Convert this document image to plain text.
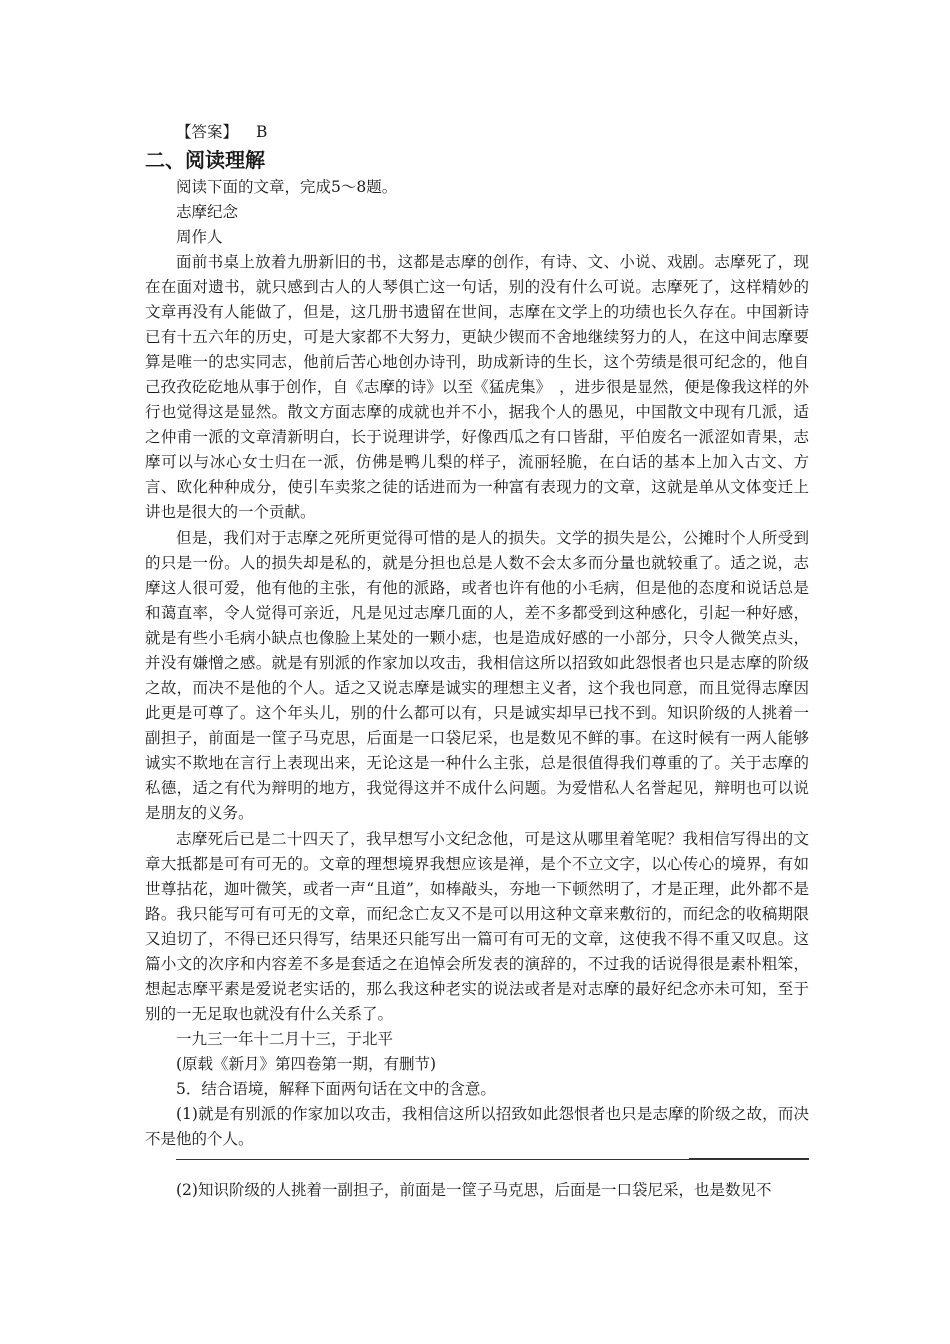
【答案】 B
二、阅读理解

阅读下面的文章，完成5～8题。

志摩纪念

周作人

面前书桌上放着九册新旧的书，这都是志摩的创作，有诗、文、小说、戏剧。志摩死了，现在在面对遗书，就只感到古人的人琴俱亡这一句话，别的没有什么可说。志摩死了，这样精妙的文章再没有人能做了，但是，这几册书遗留在世间，志摩在文学上的功绩也长久存在。中国新诗已有十五六年的历史，可是大家都不大努力，更缺少锲而不舍地继续努力的人，在这中间志摩要算是唯一的忠实同志，他前后苦心地创办诗刊，助成新诗的生长，这个劳绩是很可纪念的，他自己孜孜矻矻地从事于创作，自《志摩的诗》以至《猛虎集》　，进步很是显然，便是像我这样的外行也觉得这是显然。散文方面志摩的成就也并不小，据我个人的愚见，中国散文中现有几派，适之仲甫一派的文章清新明白，长于说理讲学，好像西瓜之有口皆甜，平伯废名一派涩如青果，志摩可以与冰心女士归在一派，仿佛是鸭儿梨的样子，流丽轻脆，在白话的基本上加入古文、方言、欧化种种成分，使引车卖浆之徒的话进而为一种富有表现力的文章，这就是单从文体变迁上讲也是很大的一个贡献。

但是，我们对于志摩之死所更觉得可惜的是人的损失。文学的损失是公，公摊时个人所受到的只是一份。人的损失却是私的，就是分担也总是人数不会太多而分量也就较重了。适之说，志摩这人很可爱，他有他的主张，有他的派路，或者也许有他的小毛病，但是他的态度和说话总是和蔼直率，令人觉得可亲近，凡是见过志摩几面的人，差不多都受到这种感化，引起一种好感，就是有些小毛病小缺点也像脸上某处的一颗小痣，也是造成好感的一小部分，只令人微笑点头，并没有嫌憎之感。就是有别派的作家加以攻击，我相信这所以招致如此怨恨者也只是志摩的阶级之故，而决不是他的个人。适之又说志摩是诚实的理想主义者，这个我也同意，而且觉得志摩因此更是可尊了。这个年头儿，别的什么都可以有，只是诚实却早已找不到。知识阶级的人挑着一副担子，前面是一筐子马克思，后面是一口袋尼采，也是数见不鲜的事。在这时候有一两人能够诚实不欺地在言行上表现出来，无论这是一种什么主张，总是很值得我们尊重的了。关于志摩的私德，适之有代为辩明的地方，我觉得这并不成什么问题。为爱惜私人名誉起见，辩明也可以说是朋友的义务。

志摩死后已是二十四天了，我早想写小文纪念他，可是这从哪里着笔呢？我相信写得出的文章大抵都是可有可无的。文章的理想境界我想应该是禅，是个不立文字，以心传心的境界，有如世尊拈花，迦叶微笑，或者一声“且道”，如棒敲头，夯地一下顿然明了，才是正理，此外都不是路。我只能写可有可无的文章，而纪念亡友又不是可以用这种文章来敷衍的，而纪念的收稿期限又迫切了，不得已还只得写，结果还只能写出一篇可有可无的文章，这使我不得不重又叹息。这篇小文的次序和内容差不多是套适之在追悼会所发表的演辞的，不过我的话说得很是素朴粗笨，想起志摩平素是爱说老实话的，那么我这种老实的说法或者是对志摩的最好纪念亦未可知，至于别的一无足取也就没有什么关系了。

一九三一年十二月十三，于北平

(原载《新月》第四卷第一期，有删节)

5．结合语境，解释下面两句话在文中的含意。

(1)就是有别派的作家加以攻击，我相信这所以招致如此怨恨者也只是志摩的阶级之故，而决不是他的个人。

(2)知识阶级的人挑着一副担子，前面是一筐子马克思，后面是一口袋尼采，也是数见不
